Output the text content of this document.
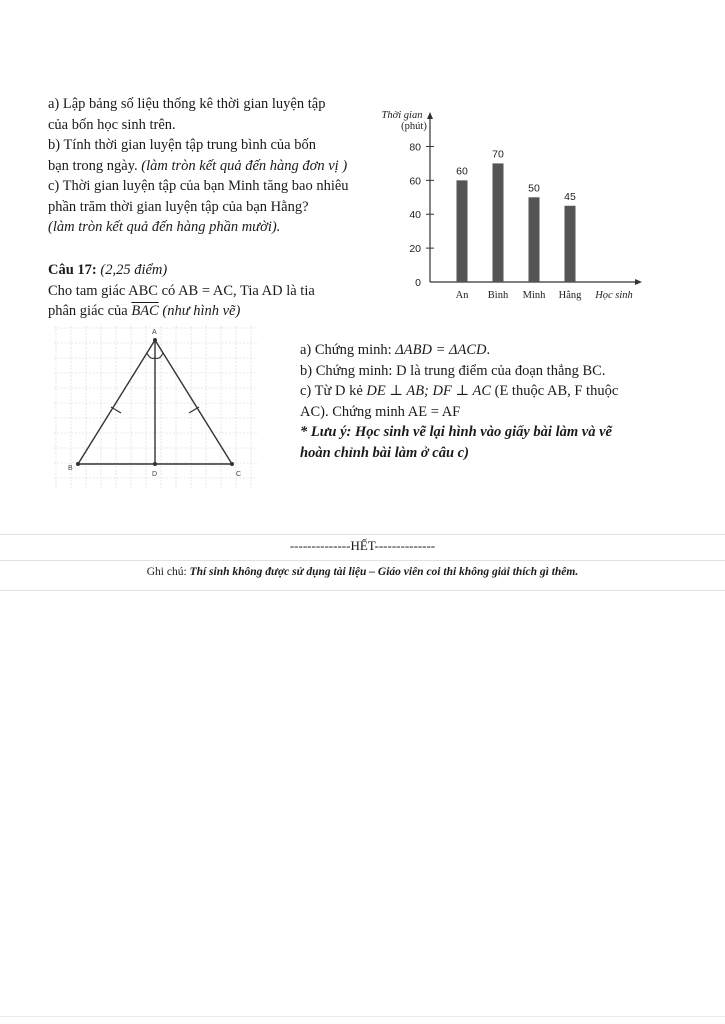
a) Lập bảng số liệu thống kê thời gian luyện tập
của bốn học sinh trên.
b) Tính thời gian luyện tập trung bình của bốn
bạn trong ngày. (làm tròn kết quả đến hàng đơn vị )
c) Thời gian luyện tập của bạn Minh tăng bao nhiêu
phần trăm thời gian luyện tập của bạn Hằng?
(làm tròn kết quả đến hàng phần mười).
Thời gian
(phút)
Học sinh
0
20
40
60
80
60
An
70
Bình
50
Minh
45
Hằng
Câu 17: (2,25 điểm)
Cho tam giác ABC có AB = AC, Tia AD là tia
phân giác của $\overline{BAC}$ (như hình vẽ)
A
B
C
D
a) Chứng minh: ΔABD = ΔACD.
b) Chứng minh: D là trung điểm của đoạn thẳng BC.
c) Từ D kẻ DE ⊥ AB; DF ⊥ AC (E thuộc AB, F thuộc
AC). Chứng minh AE = AF
* Lưu ý: Học sinh vẽ lại hình vào giấy bài làm và vẽ
hoàn chỉnh bài làm ở câu c)
--------------HẾT--------------
Ghi chú: Thí sinh không được sử dụng tài liệu – Giáo viên coi thi không giải thích gì thêm.
